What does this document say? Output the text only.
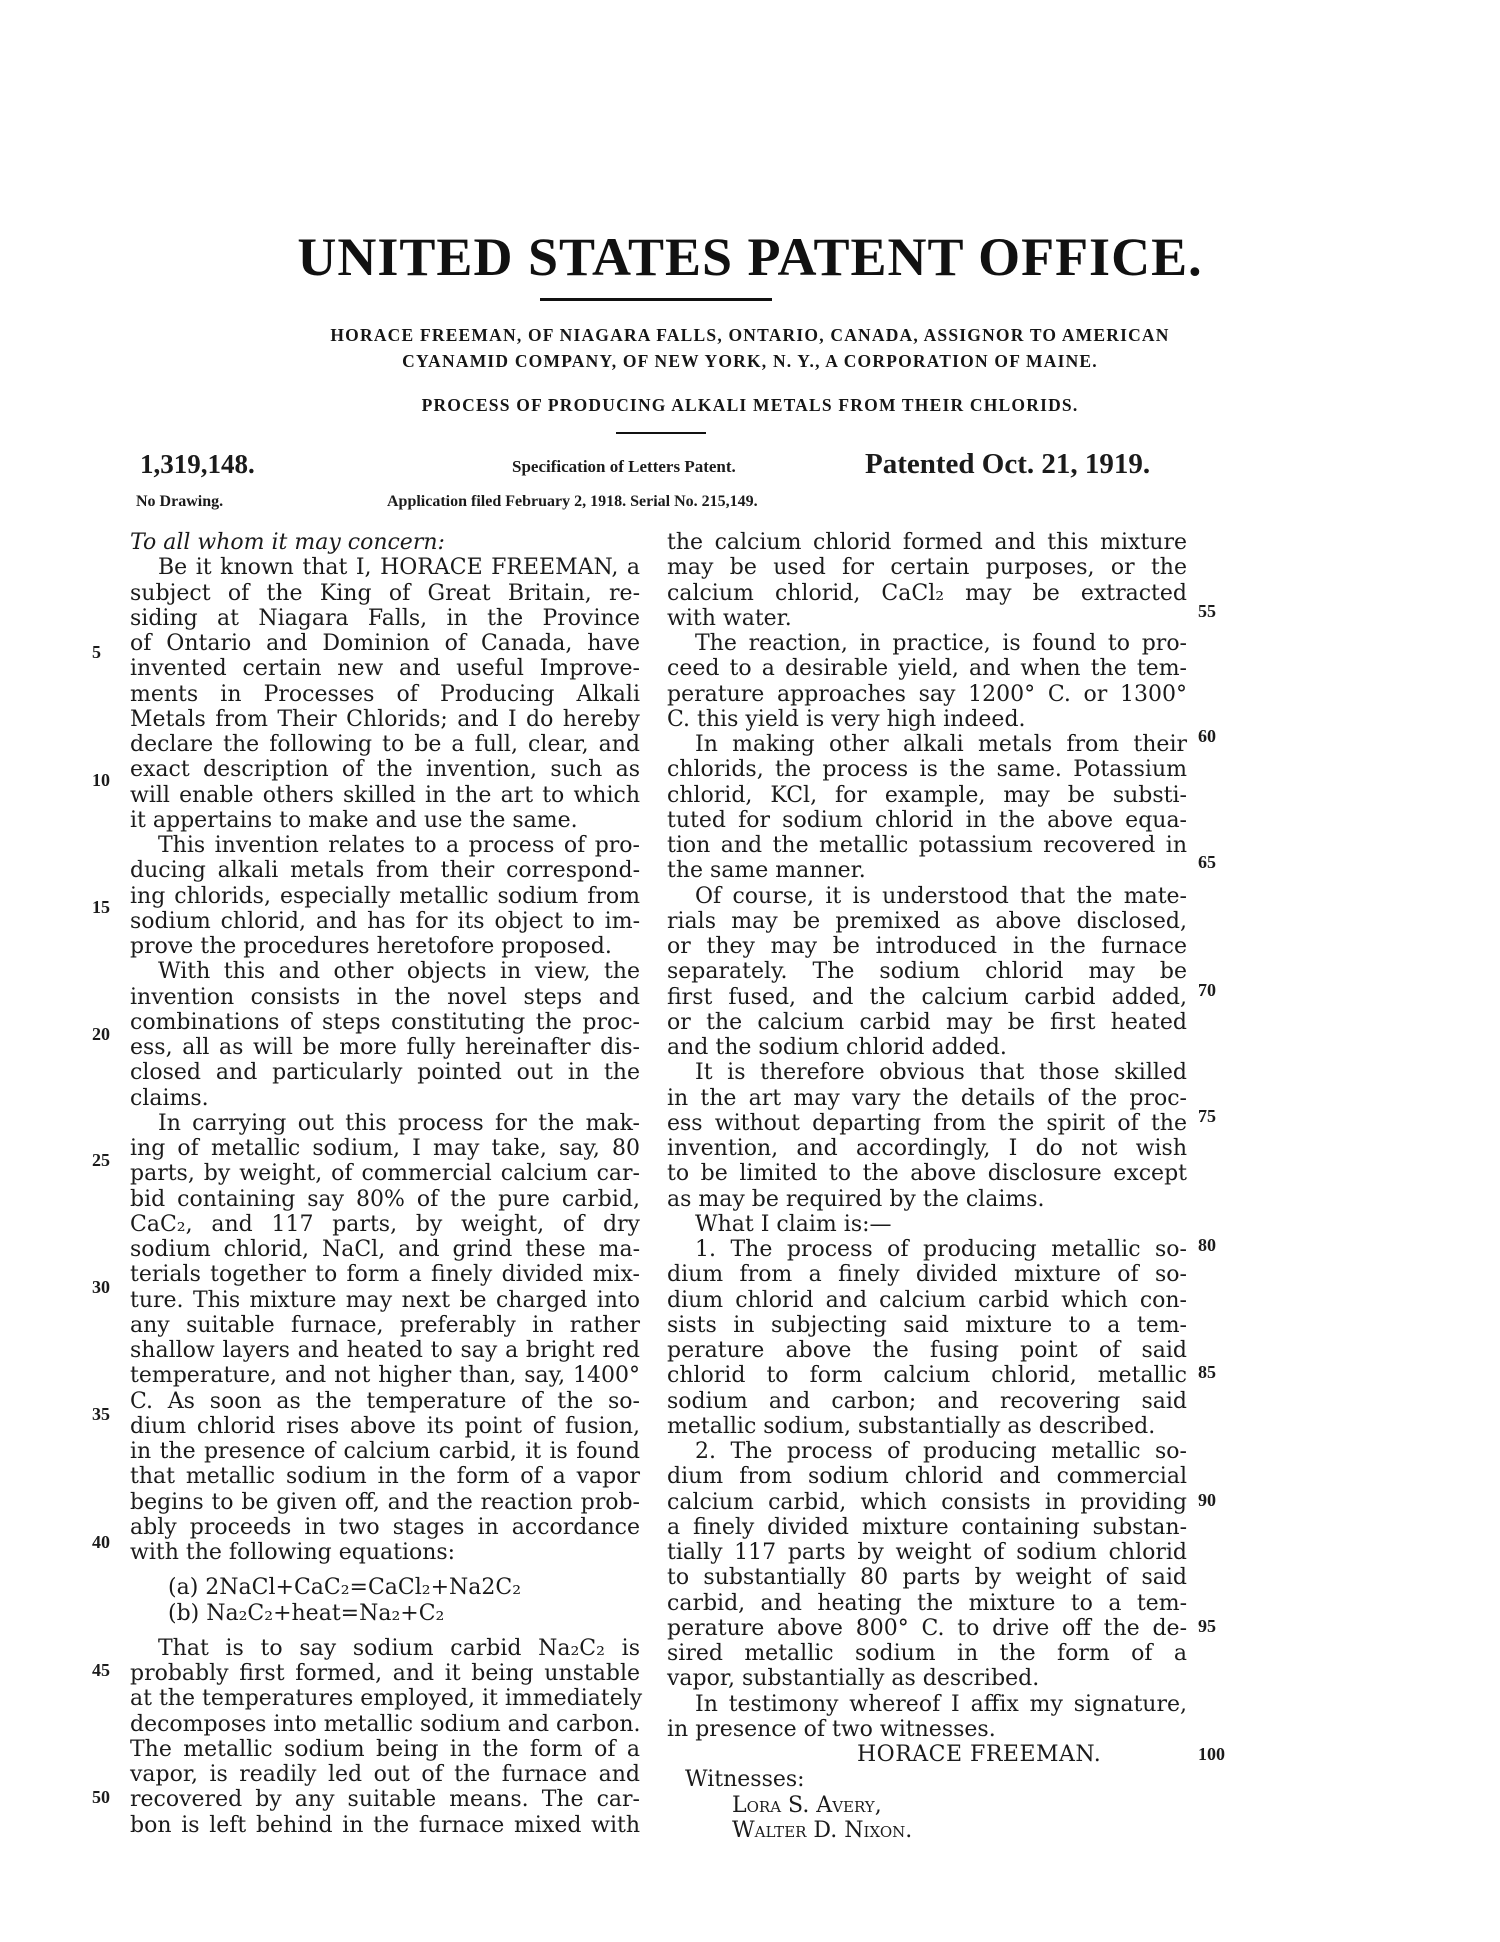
UNITED STATES PATENT OFFICE.
HORACE FREEMAN, OF NIAGARA FALLS, ONTARIO, CANADA, ASSIGNOR TO AMERICAN
CYANAMID COMPANY, OF NEW YORK, N. Y., A CORPORATION OF MAINE.
PROCESS OF PRODUCING ALKALI METALS FROM THEIR CHLORIDS.
1,319,148.	Specification of Letters Patent.	Patented Oct. 21, 1919.
No Drawing.	Application filed February 2, 1918. Serial No. 215,149.
To all whom it may concern:
Be it known that I, HORACE FREEMAN, a
subject of the King of Great Britain, re-
siding at Niagara Falls, in the Province
of Ontario and Dominion of Canada, have
invented certain new and useful Improve-
ments in Processes of Producing Alkali
Metals from Their Chlorids; and I do hereby
declare the following to be a full, clear, and
exact description of the invention, such as
will enable others skilled in the art to which
it appertains to make and use the same.
This invention relates to a process of pro-
ducing alkali metals from their correspond-
ing chlorids, especially metallic sodium from
sodium chlorid, and has for its object to im-
prove the procedures heretofore proposed.
With this and other objects in view, the
invention consists in the novel steps and
combinations of steps constituting the proc-
ess, all as will be more fully hereinafter dis-
closed and particularly pointed out in the
claims.
In carrying out this process for the mak-
ing of metallic sodium, I may take, say, 80
parts, by weight, of commercial calcium car-
bid containing say 80% of the pure carbid,
CaC₂, and 117 parts, by weight, of dry
sodium chlorid, NaCl, and grind these ma-
terials together to form a finely divided mix-
ture. This mixture may next be charged into
any suitable furnace, preferably in rather
shallow layers and heated to say a bright red
temperature, and not higher than, say, 1400°
C. As soon as the temperature of the so-
dium chlorid rises above its point of fusion,
in the presence of calcium carbid, it is found
that metallic sodium in the form of a vapor
begins to be given off, and the reaction prob-
ably proceeds in two stages in accordance
with the following equations:
(a) 2NaCl+CaC₂=CaCl₂+Na2C₂
(b) Na₂C₂+heat=Na₂+C₂
That is to say sodium carbid Na₂C₂ is
probably first formed, and it being unstable
at the temperatures employed, it immediately
decomposes into metallic sodium and carbon.
The metallic sodium being in the form of a
vapor, is readily led out of the furnace and
recovered by any suitable means. The car-
bon is left behind in the furnace mixed with
the calcium chlorid formed and this mixture
may be used for certain purposes, or the
calcium chlorid, CaCl₂ may be extracted
with water.
The reaction, in practice, is found to pro-
ceed to a desirable yield, and when the tem-
perature approaches say 1200° C. or 1300°
C. this yield is very high indeed.
In making other alkali metals from their
chlorids, the process is the same. Potassium
chlorid, KCl, for example, may be substi-
tuted for sodium chlorid in the above equa-
tion and the metallic potassium recovered in
the same manner.
Of course, it is understood that the mate-
rials may be premixed as above disclosed,
or they may be introduced in the furnace
separately. The sodium chlorid may be
first fused, and the calcium carbid added,
or the calcium carbid may be first heated
and the sodium chlorid added.
It is therefore obvious that those skilled
in the art may vary the details of the proc-
ess without departing from the spirit of the
invention, and accordingly, I do not wish
to be limited to the above disclosure except
as may be required by the claims.
What I claim is:—
1. The process of producing metallic so-
dium from a finely divided mixture of so-
dium chlorid and calcium carbid which con-
sists in subjecting said mixture to a tem-
perature above the fusing point of said
chlorid to form calcium chlorid, metallic
sodium and carbon; and recovering said
metallic sodium, substantially as described.
2. The process of producing metallic so-
dium from sodium chlorid and commercial
calcium carbid, which consists in providing
a finely divided mixture containing substan-
tially 117 parts by weight of sodium chlorid
to substantially 80 parts by weight of said
carbid, and heating the mixture to a tem-
perature above 800° C. to drive off the de-
sired metallic sodium in the form of a
vapor, substantially as described.
In testimony whereof I affix my signature,
in presence of two witnesses.
HORACE FREEMAN.
Witnesses:
Lora S. Avery,
Walter D. Nixon.
5
10
15
20
25
30
35
40
45
50
55
60
65
70
75
80
85
90
95
100
